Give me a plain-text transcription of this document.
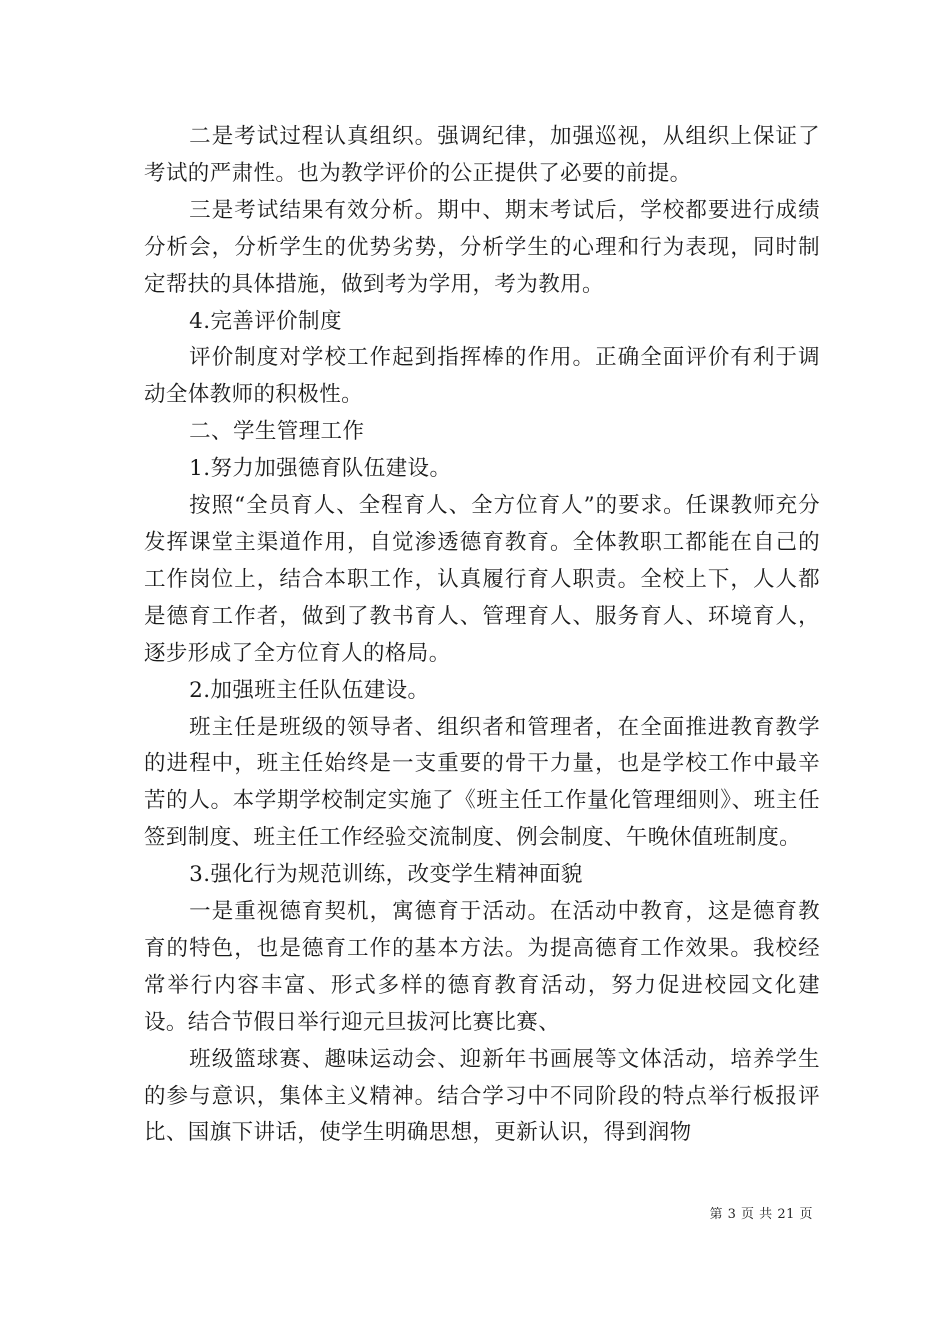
二是考试过程认真组织。强调纪律，加强巡视，从组织上保证了考试的严肃性。也为教学评价的公正提供了必要的前提。

三是考试结果有效分析。期中、期末考试后，学校都要进行成绩分析会，分析学生的优势劣势，分析学生的心理和行为表现，同时制定帮扶的具体措施，做到考为学用，考为教用。

4.完善评价制度

评价制度对学校工作起到指挥棒的作用。正确全面评价有利于调动全体教师的积极性。

二、学生管理工作

1.努力加强德育队伍建设。

按照“全员育人、全程育人、全方位育人”的要求。任课教师充分发挥课堂主渠道作用，自觉渗透德育教育。全体教职工都能在自己的工作岗位上，结合本职工作，认真履行育人职责。全校上下，人人都是德育工作者，做到了教书育人、管理育人、服务育人、环境育人，逐步形成了全方位育人的格局。

2.加强班主任队伍建设。

班主任是班级的领导者、组织者和管理者，在全面推进教育教学的进程中，班主任始终是一支重要的骨干力量，也是学校工作中最辛苦的人。本学期学校制定实施了《班主任工作量化管理细则》、班主任签到制度、班主任工作经验交流制度、例会制度、午晚休值班制度。

3.强化行为规范训练，改变学生精神面貌

一是重视德育契机，寓德育于活动。在活动中教育，这是德育教育的特色，也是德育工作的基本方法。为提高德育工作效果。我校经常举行内容丰富、形式多样的德育教育活动，努力促进校园文化建设。结合节假日举行迎元旦拔河比赛比赛、

班级篮球赛、趣味运动会、迎新年书画展等文体活动，培养学生的参与意识，集体主义精神。结合学习中不同阶段的特点举行板报评比、国旗下讲话，使学生明确思想，更新认识，得到润物

第 3 页 共 21 页
